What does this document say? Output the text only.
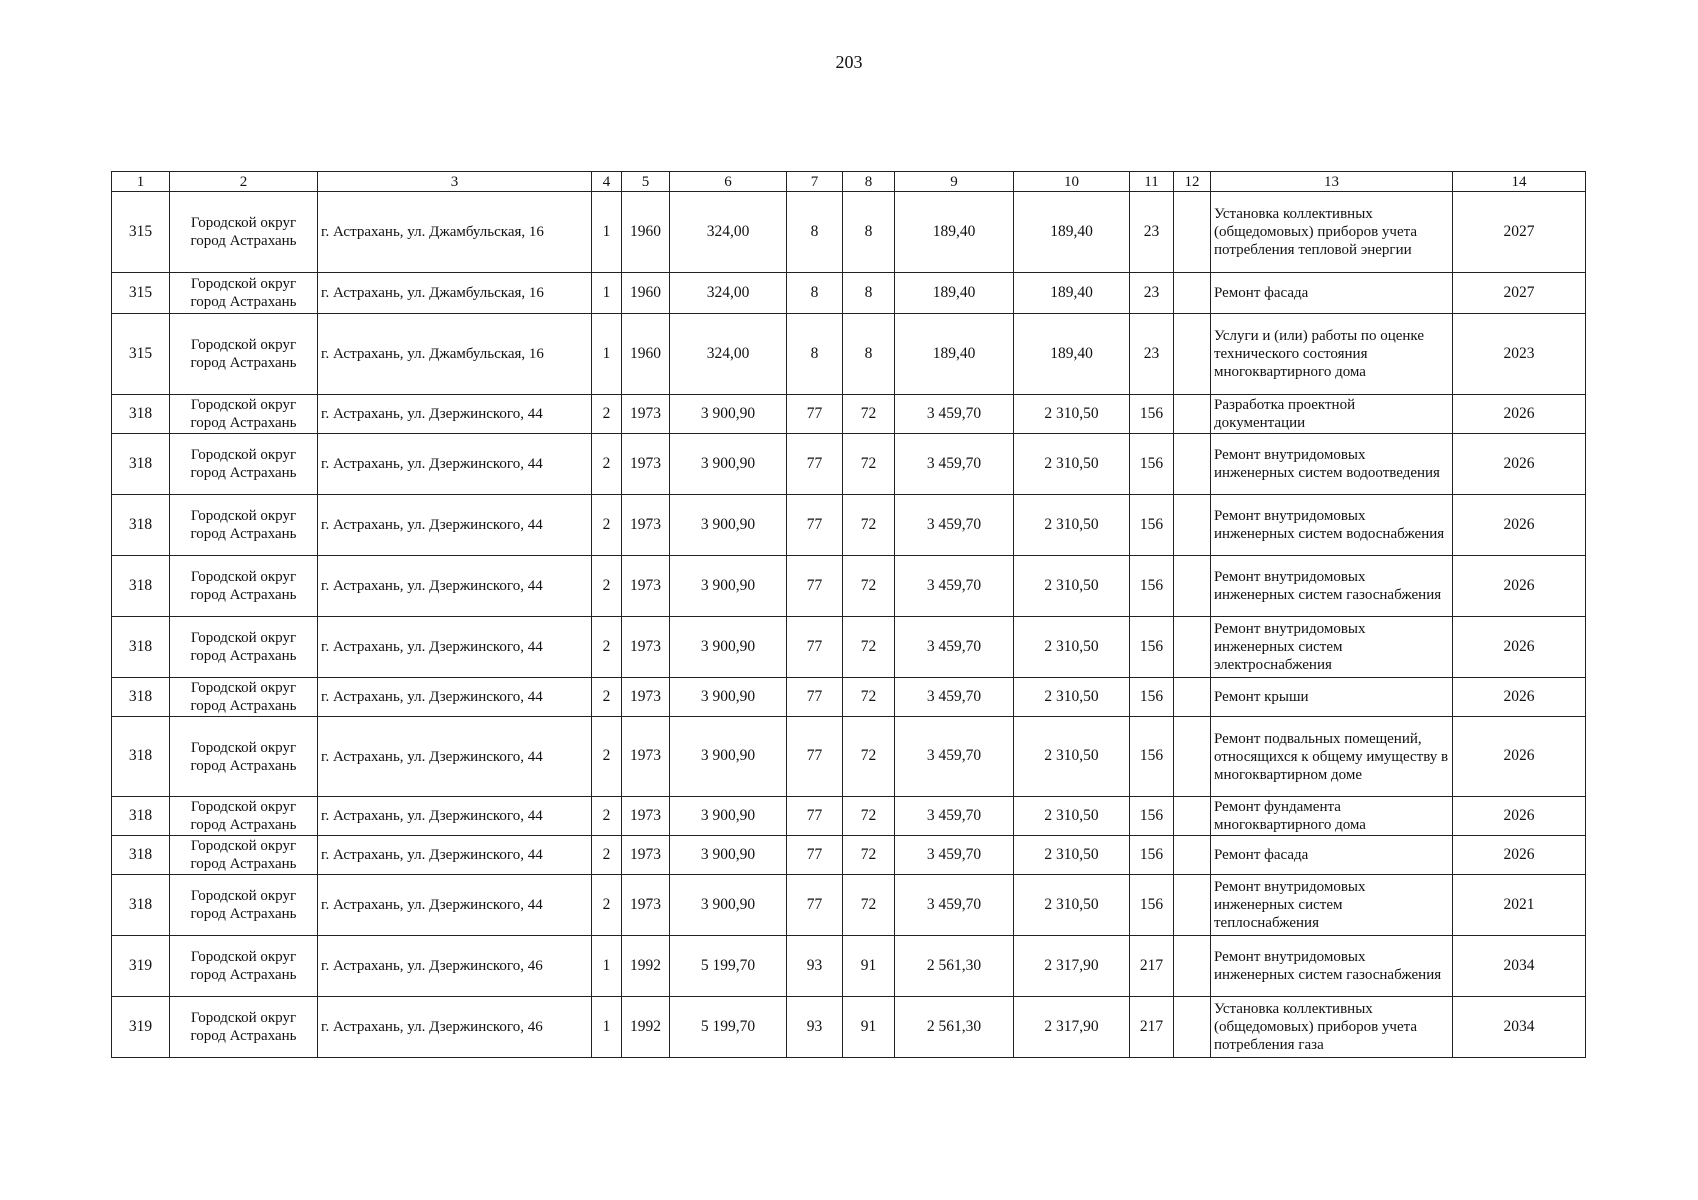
203
1	2	3	4	5	6	7	8	9	10	11	12	13	14
315	Городской округ город Астрахань	г. Астрахань, ул. Джамбульская, 16	1	1960	324,00	8	8	189,40	189,40	23		Установка коллективных (общедомовых) приборов учета потребления тепловой энергии	2027
315	Городской округ город Астрахань	г. Астрахань, ул. Джамбульская, 16	1	1960	324,00	8	8	189,40	189,40	23		Ремонт фасада	2027
315	Городской округ город Астрахань	г. Астрахань, ул. Джамбульская, 16	1	1960	324,00	8	8	189,40	189,40	23		Услуги и (или) работы по оценке технического состояния многоквартирного дома	2023
318	Городской округ город Астрахань	г. Астрахань, ул. Дзержинского, 44	2	1973	3 900,90	77	72	3 459,70	2 310,50	156		Разработка проектной документации	2026
318	Городской округ город Астрахань	г. Астрахань, ул. Дзержинского, 44	2	1973	3 900,90	77	72	3 459,70	2 310,50	156		Ремонт внутридомовых инженерных систем водоотведения	2026
318	Городской округ город Астрахань	г. Астрахань, ул. Дзержинского, 44	2	1973	3 900,90	77	72	3 459,70	2 310,50	156		Ремонт внутридомовых инженерных систем водоснабжения	2026
318	Городской округ город Астрахань	г. Астрахань, ул. Дзержинского, 44	2	1973	3 900,90	77	72	3 459,70	2 310,50	156		Ремонт внутридомовых инженерных систем газоснабжения	2026
318	Городской округ город Астрахань	г. Астрахань, ул. Дзержинского, 44	2	1973	3 900,90	77	72	3 459,70	2 310,50	156		Ремонт внутридомовых инженерных систем электроснабжения	2026
318	Городской округ город Астрахань	г. Астрахань, ул. Дзержинского, 44	2	1973	3 900,90	77	72	3 459,70	2 310,50	156		Ремонт крыши	2026
318	Городской округ город Астрахань	г. Астрахань, ул. Дзержинского, 44	2	1973	3 900,90	77	72	3 459,70	2 310,50	156		Ремонт подвальных помещений, относящихся к общему имуществу в многоквартирном доме	2026
318	Городской округ город Астрахань	г. Астрахань, ул. Дзержинского, 44	2	1973	3 900,90	77	72	3 459,70	2 310,50	156		Ремонт фундамента многоквартирного дома	2026
318	Городской округ город Астрахань	г. Астрахань, ул. Дзержинского, 44	2	1973	3 900,90	77	72	3 459,70	2 310,50	156		Ремонт фасада	2026
318	Городской округ город Астрахань	г. Астрахань, ул. Дзержинского, 44	2	1973	3 900,90	77	72	3 459,70	2 310,50	156		Ремонт внутридомовых инженерных систем теплоснабжения	2021
319	Городской округ город Астрахань	г. Астрахань, ул. Дзержинского, 46	1	1992	5 199,70	93	91	2 561,30	2 317,90	217		Ремонт внутридомовых инженерных систем газоснабжения	2034
319	Городской округ город Астрахань	г. Астрахань, ул. Дзержинского, 46	1	1992	5 199,70	93	91	2 561,30	2 317,90	217		Установка коллективных (общедомовых) приборов учета потребления газа	2034
